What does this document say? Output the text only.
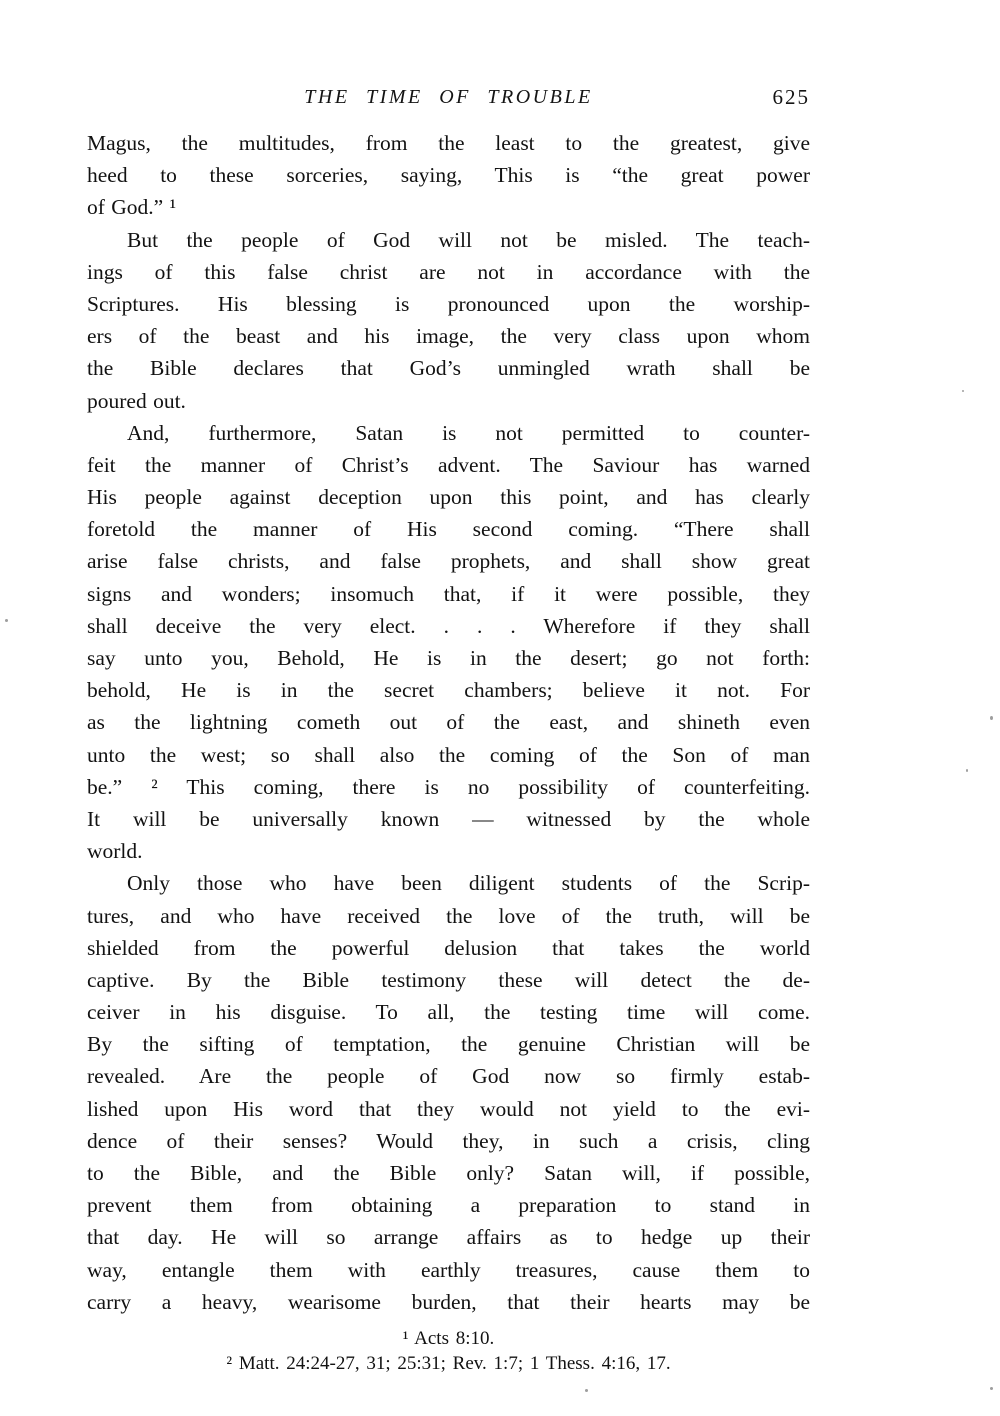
THE TIME OF TROUBLE	625
Magus, the multitudes, from the least to the greatest, give
heed to these sorceries, saying, This is “the great power
of God.” ¹
But the people of God will not be misled. The teach-
ings of this false christ are not in accordance with the
Scriptures. His blessing is pronounced upon the worship-
ers of the beast and his image, the very class upon whom
the Bible declares that God’s unmingled wrath shall be
poured out.
And, furthermore, Satan is not permitted to counter-
feit the manner of Christ’s advent. The Saviour has warned
His people against deception upon this point, and has clearly
foretold the manner of His second coming. “There shall
arise false christs, and false prophets, and shall show great
signs and wonders; insomuch that, if it were possible, they
shall deceive the very elect. . . . Wherefore if they shall
say unto you, Behold, He is in the desert; go not forth:
behold, He is in the secret chambers; believe it not. For
as the lightning cometh out of the east, and shineth even
unto the west; so shall also the coming of the Son of man
be.” ² This coming, there is no possibility of counterfeiting.
It will be universally known — witnessed by the whole
world.
Only those who have been diligent students of the Scrip-
tures, and who have received the love of the truth, will be
shielded from the powerful delusion that takes the world
captive. By the Bible testimony these will detect the de-
ceiver in his disguise. To all, the testing time will come.
By the sifting of temptation, the genuine Christian will be
revealed. Are the people of God now so firmly estab-
lished upon His word that they would not yield to the evi-
dence of their senses? Would they, in such a crisis, cling
to the Bible, and the Bible only? Satan will, if possible,
prevent them from obtaining a preparation to stand in
that day. He will so arrange affairs as to hedge up their
way, entangle them with earthly treasures, cause them to
carry a heavy, wearisome burden, that their hearts may be
¹ Acts 8:10.
² Matt. 24:24-27, 31; 25:31; Rev. 1:7; 1 Thess. 4:16, 17.
